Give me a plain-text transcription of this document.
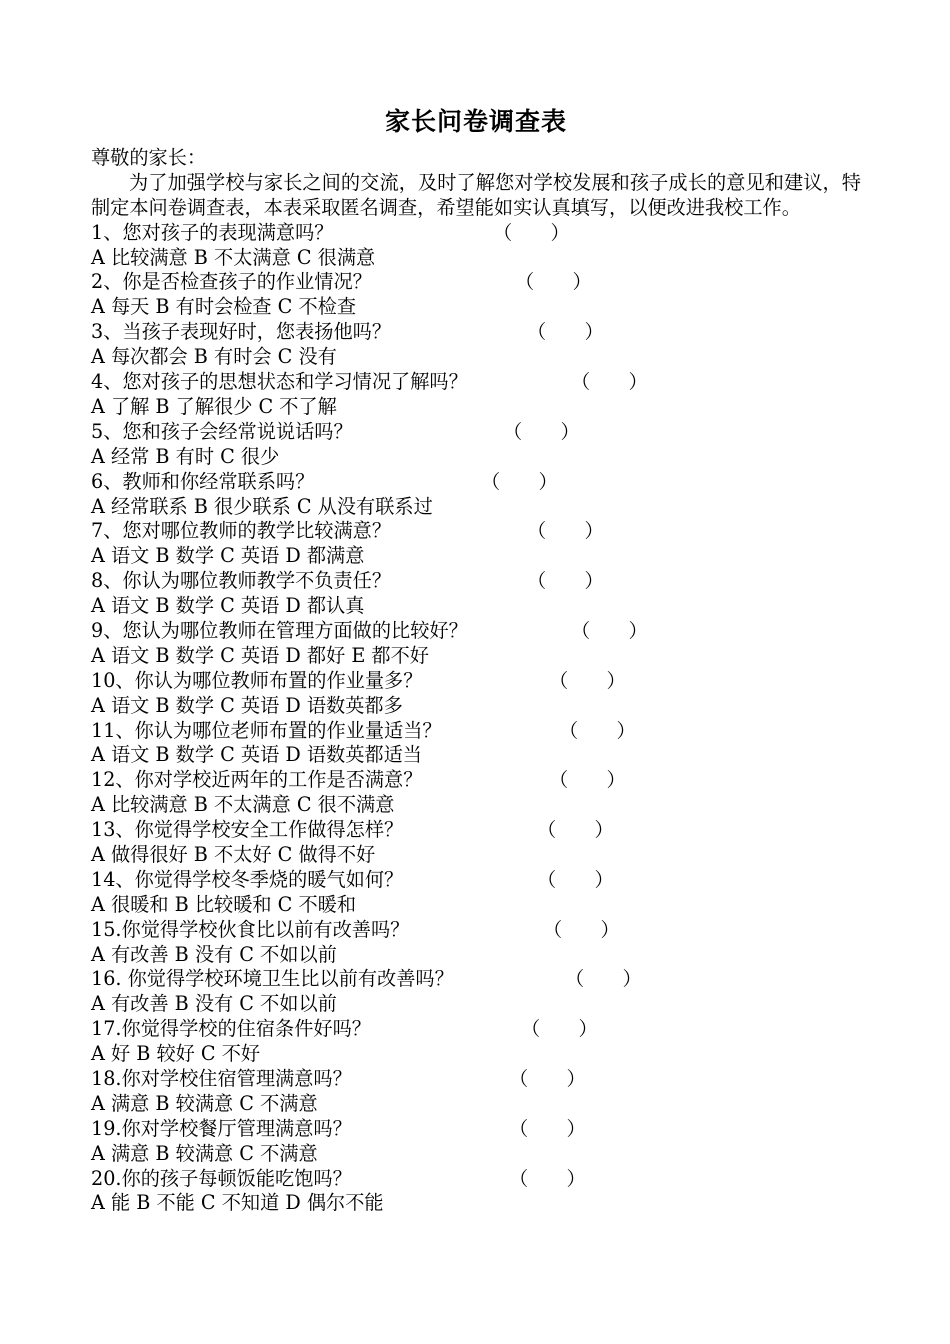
家长问卷调查表
尊敬的家长：
为了加强学校与家长之间的交流，及时了解您对学校发展和孩子成长的意见和建议，特制定本问卷调查表，本表采取匿名调查，希望能如实认真填写，以便改进我校工作。
1、您对孩子的表现满意吗？	（　　）
A 比较满意 B 不太满意 C 很满意
2、你是否检查孩子的作业情况？	（　　）
A 每天 B 有时会检查 C 不检查
3、当孩子表现好时，您表扬他吗？	（　　）
A 每次都会 B 有时会 C 没有
4、您对孩子的思想状态和学习情况了解吗？	（　　）
A 了解 B 了解很少 C 不了解
5、您和孩子会经常说说话吗？	（　　）
A 经常 B 有时 C 很少
6、教师和你经常联系吗？	（　　）
A 经常联系 B 很少联系 C 从没有联系过
7、您对哪位教师的教学比较满意？	（　　）
A 语文 B 数学 C 英语 D 都满意
8、你认为哪位教师教学不负责任？	（　　）
A 语文 B 数学 C 英语 D 都认真
9、您认为哪位教师在管理方面做的比较好？	（　　）
A 语文 B 数学 C 英语 D 都好 E 都不好
10、你认为哪位教师布置的作业量多？	（　　）
A 语文 B 数学 C 英语 D 语数英都多
11、你认为哪位老师布置的作业量适当？	（　　）
A 语文 B 数学 C 英语 D 语数英都适当
12、你对学校近两年的工作是否满意？	（　　）
A 比较满意 B 不太满意 C 很不满意
13、你觉得学校安全工作做得怎样？	（　　）
A 做得很好 B 不太好 C 做得不好
14、你觉得学校冬季烧的暖气如何？	（　　）
A 很暖和 B 比较暖和 C 不暖和
15.你觉得学校伙食比以前有改善吗？	（　　）
A 有改善 B 没有 C 不如以前
16. 你觉得学校环境卫生比以前有改善吗？	（　　）
A 有改善 B 没有 C 不如以前
17.你觉得学校的住宿条件好吗？	（　　）
A 好 B 较好 C 不好
18.你对学校住宿管理满意吗？	（　　）
A 满意 B 较满意 C 不满意
19.你对学校餐厅管理满意吗？	（　　）
A 满意 B 较满意 C 不满意
20.你的孩子每顿饭能吃饱吗？	（　　）
A 能 B 不能 C 不知道 D 偶尔不能
